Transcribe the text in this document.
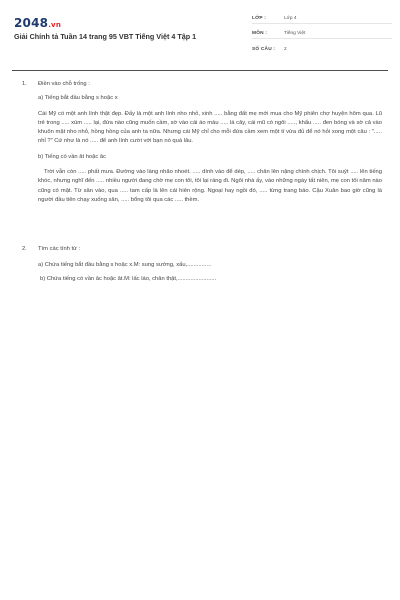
2048.vn
Giải Chính tả Tuần 14 trang 95 VBT Tiếng Việt 4 Tập 1
LỚP :	Lớp 4
MÔN :	Tiếng Việt
SỐ CÂU :	2
1.	Điền vào chỗ trống :
a) Tiếng bắt đầu bằng s hoặc x
Cái Mỹ có một anh lính thật đẹp. Đấy là một anh lính nho nhỏ, xinh ..... bằng đất mẹ mới mua cho Mỹ phiên chợ huyện hôm qua. Lũ trẻ trong ..... xúm ..... lại, đứa nào cũng muốn cầm, sờ vào cái áo màu ..... lá cây, cái mũ có ngôi ....., khẩu ..... đen bóng và sờ cả vào khuôn mặt nho nhỏ, hồng hồng của anh ta nữa. Nhưng cái Mỹ chỉ cho mỗi đứa cầm xem một tí vừa đủ để nó hỏi xong một câu : "..... nhỉ ?" Cứ như là nó ..... để anh lính cười với bạn nó quá lâu.
b) Tiếng có vần ât hoặc âc
Trời vẫn còn ..... phất mưa. Đường vào làng nhão nhoét. ..... dính vào để dép, ..... chân lên nặng chình chịch. Tôi suýt ..... lên tiếng khóc, nhưng nghĩ đến ..... nhiều người đang chờ mẹ con tôi, tôi lại ráng đi. Ngôi nhà ấy, vào những ngày tất niên, mẹ con tôi năm nào cũng có mặt. Từ sân vào, qua ..... tam cấp là lên cái hiên rộng. Ngoại hay ngồi đó, ..... từng trang báo. Cậu Xuân bao giờ cũng là người đầu tiên chạy xuống sân, ..... bổng tôi qua các ..... thềm.
2.	Tìm các tính từ :
a) Chứa tiếng bắt đầu bằng s hoặc x.M: sung sướng, xấu,...............
b) Chứa tiếng có vần âc hoặc ât.M: lấc láo, chân thật,........................
